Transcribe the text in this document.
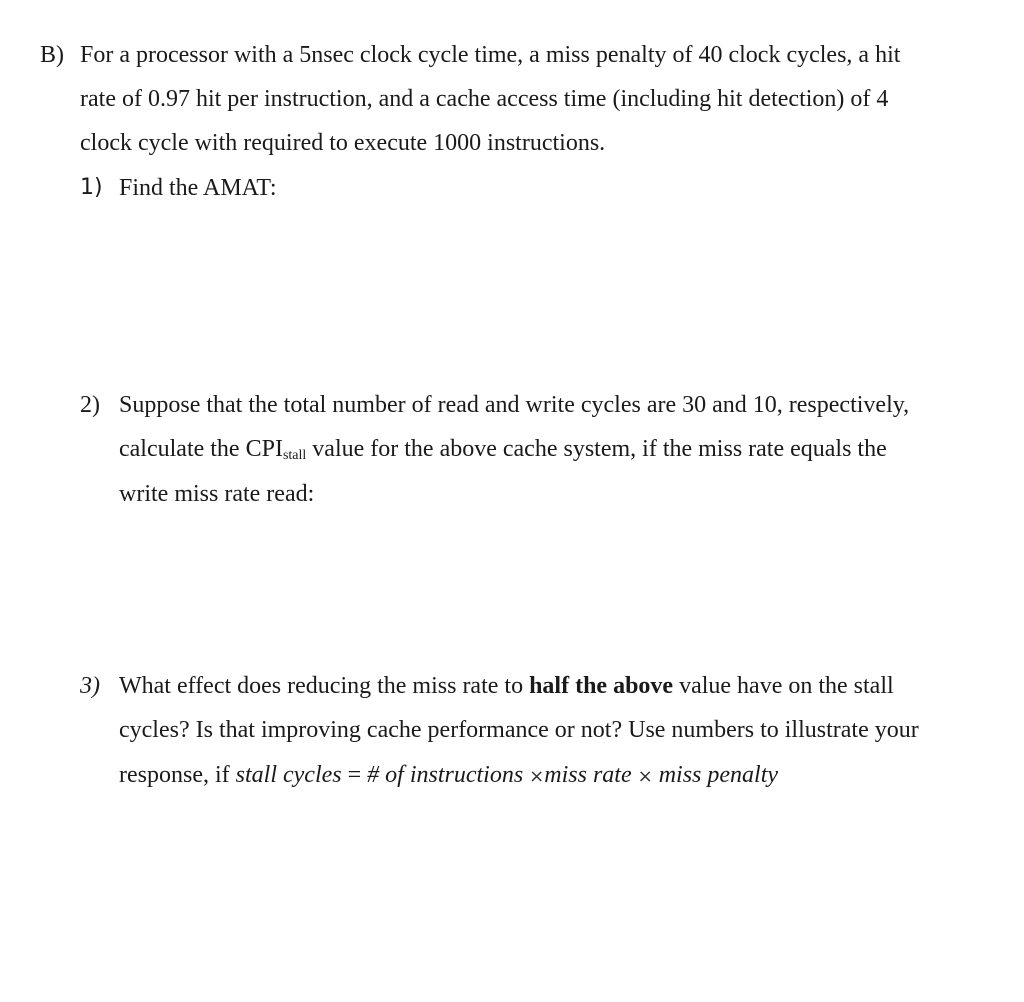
B) For a processor with a 5nsec clock cycle time, a miss penalty of 40 clock cycles, a hit
rate of 0.97 hit per instruction, and a cache access time (including hit detection) of 4
clock cycle with required to execute 1000 instructions.
1) Find the AMAT:
2) Suppose that the total number of read and write cycles are 30 and 10, respectively,
calculate the $CPI_{stall}$ value for the above cache system, if the miss rate equals the
write miss rate read:
3) What effect does reducing the miss rate to half the above value have on the stall
cycles? Is that improving cache performance or not? Use numbers to illustrate your
response, if stall cycles = # of instructions ×miss rate × miss penalty
